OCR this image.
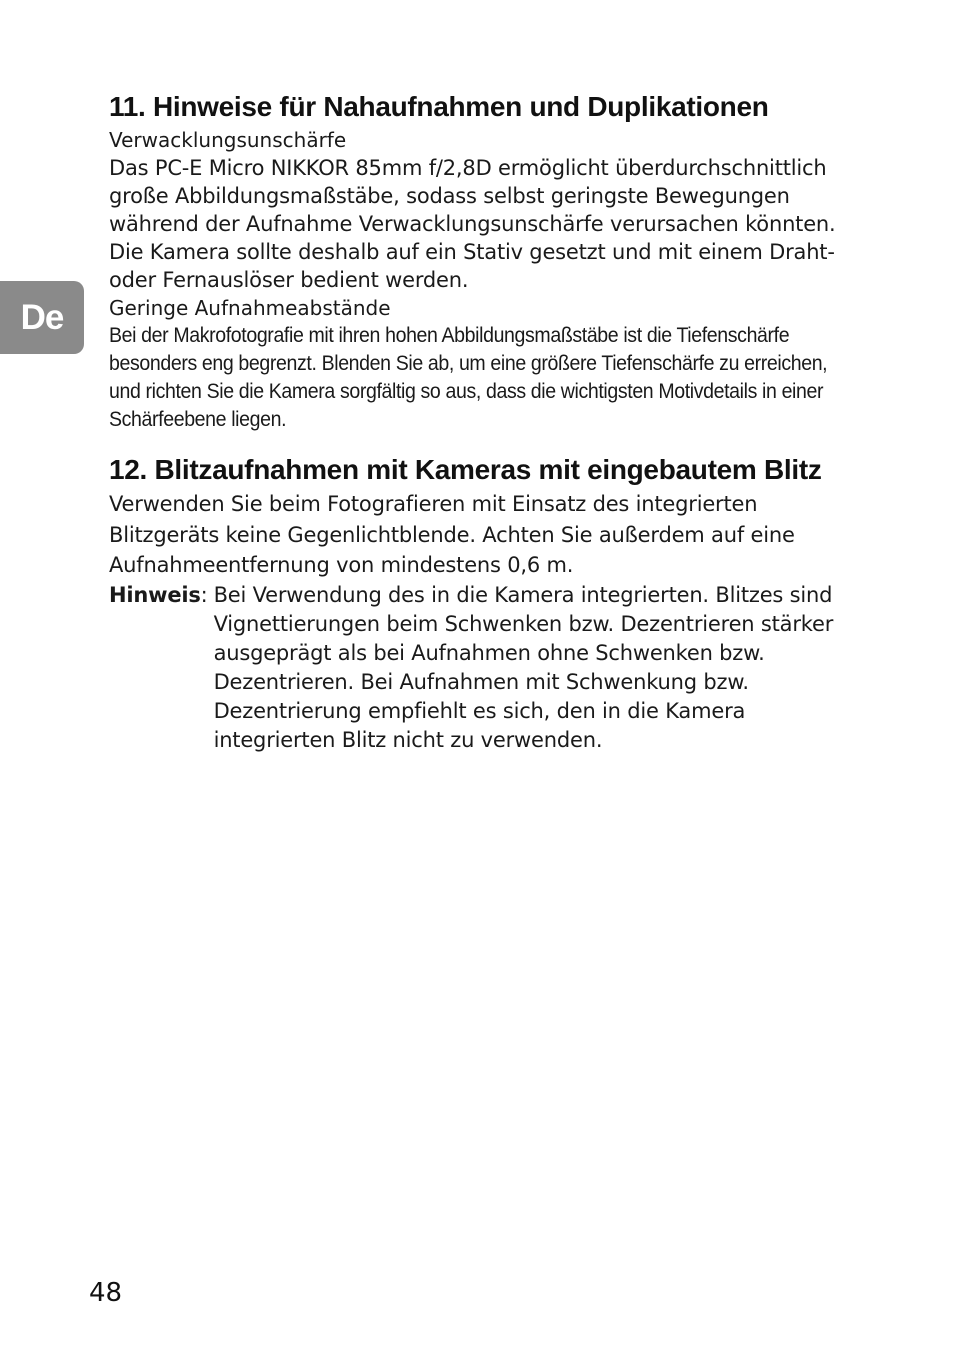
De
11. Hinweise für Nahaufnahmen und Duplikationen

Verwacklungsunschärfe

Das PC-E Micro NIKKOR 85mm f/2,8D ermöglicht überdurchschnittlich große Abbildungsmaßstäbe, sodass selbst geringste Bewegungen während der Aufnahme Verwacklungsunschärfe verursachen könnten. Die Kamera sollte deshalb auf ein Stativ gesetzt und mit einem Draht- oder Fernauslöser bedient werden.

Geringe Aufnahmeabstände

Bei der Makrofotografie mit ihren hohen Abbildungsmaßstäbe ist die Tiefenschärfe besonders eng begrenzt. Blenden Sie ab, um eine größere Tiefenschärfe zu erreichen, und richten Sie die Kamera sorgfältig so aus, dass die wichtigsten Motivdetails in einer Schärfeebene liegen.

12. Blitzaufnahmen mit Kameras mit eingebautem Blitz

Verwenden Sie beim Fotografieren mit Einsatz des integrierten Blitzgeräts keine Gegenlichtblende. Achten Sie außerdem auf eine Aufnahmeentfernung von mindestens 0,6 m.

Hinweis : Bei Verwendung des in die Kamera integrierten. Blitzes sind Vignettierungen beim Schwenken bzw. Dezentrieren stärker ausgeprägt als bei Aufnahmen ohne Schwenken bzw. Dezentrieren. Bei Aufnahmen mit Schwenkung bzw. Dezentrierung empfiehlt es sich, den in die Kamera integrierten Blitz nicht zu verwenden.
48
